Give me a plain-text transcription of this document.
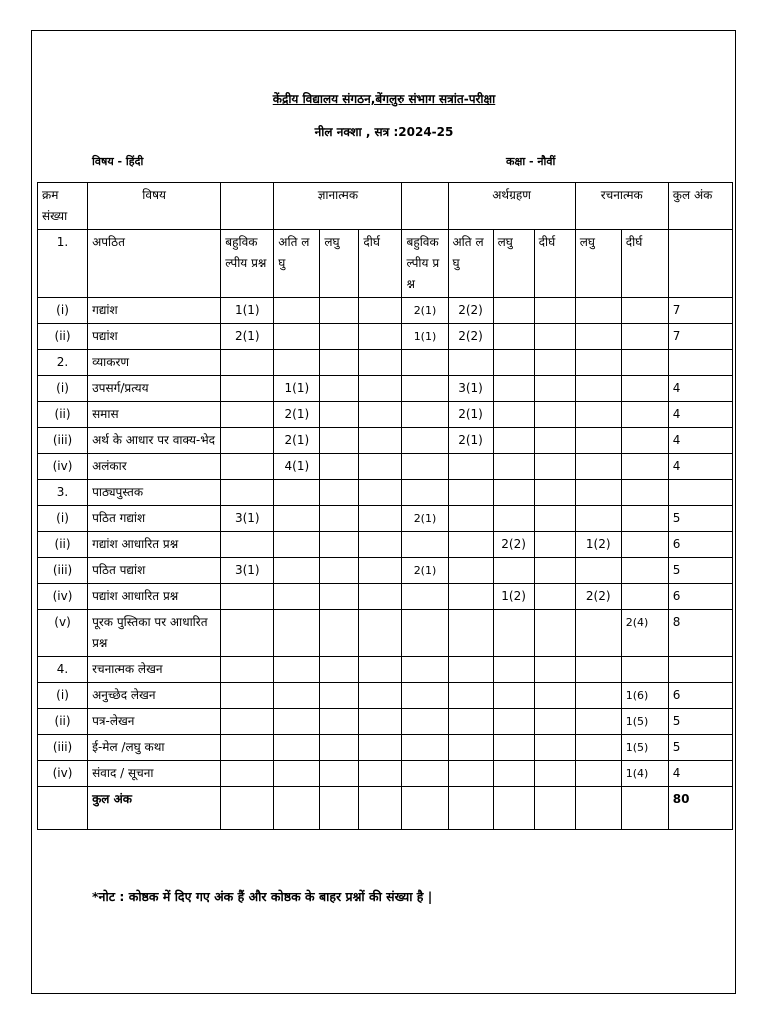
केंद्रीय विद्यालय संगठन,बेंगलुरु संभाग सत्रांत-परीक्षा
नील नक्शा , सत्र :2024-25
विषय - हिंदी	कक्षा - नौवीं
क्रम संख्या	विषय		ज्ञानात्मक				अर्थग्रहण			रचनात्मक		कुल अंक
1.	अपठित	बहुविकल्पीय प्रश्न	अति लघु	लघु	दीर्घ	बहुविकल्पीय प्रश्न	अति लघु	लघु	दीर्घ	लघु	दीर्घ	
(i)	गद्यांश	1(1)				2(1)	2(2)					7
(ii)	पद्यांश	2(1)				1(1)	2(2)					7
2.	व्याकरण											
(i)	उपसर्ग/प्रत्यय		1(1)				3(1)					4
(ii)	समास		2(1)				2(1)					4
(iii)	अर्थ के आधार पर वाक्य-भेद		2(1)				2(1)					4
(iv)	अलंकार		4(1)									4
3.	पाठ्यपुस्तक											
(i)	पठित गद्यांश	3(1)				2(1)						5
(ii)	गद्यांश आधारित प्रश्न							2(2)		1(2)		6
(iii)	पठित पद्यांश	3(1)				2(1)						5
(iv)	पद्यांश आधारित प्रश्न							1(2)		2(2)		6
(v)	पूरक पुस्तिका पर आधारित प्रश्न										2(4)	8
4.	रचनात्मक लेखन											
(i)	अनुच्छेद लेखन										1(6)	6
(ii)	पत्र-लेखन										1(5)	5
(iii)	ई-मेल /लघु कथा										1(5)	5
(iv)	संवाद / सूचना										1(4)	4
	कुल अंक											80
*नोट : कोष्ठक में दिए गए अंक हैं और कोष्ठक के बाहर प्रश्नों की संख्या है |
